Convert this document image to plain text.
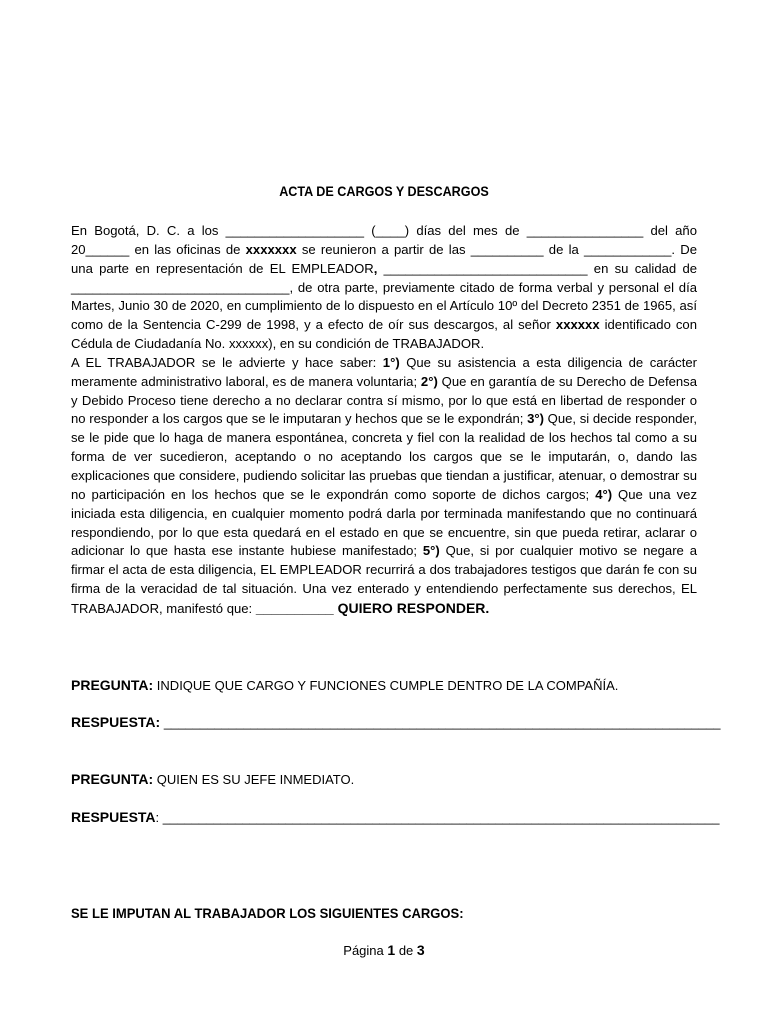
ACTA DE CARGOS Y DESCARGOS

En Bogotá, D. C. a los ___________________ (____) días del mes de ________________ del año 20______ en las oficinas de xxxxxxx se reunieron a partir de las __________ de la ____________. De una parte en representación de EL EMPLEADOR, ____________________________ en su calidad de ______________________________, de otra parte, previamente citado de forma verbal y personal el día Martes, Junio 30 de 2020, en cumplimiento de lo dispuesto en el Artículo 10º del Decreto 2351 de 1965, así como de la Sentencia C-299 de 1998, y a efecto de oír sus descargos, al señor xxxxxx identificado con Cédula de Ciudadanía No. xxxxxx), en su condición de TRABAJADOR.

A EL TRABAJADOR se le advierte y hace saber: 1°) Que su asistencia a esta diligencia de carácter meramente administrativo laboral, es de manera voluntaria; 2°) Que en garantía de su Derecho de Defensa y Debido Proceso tiene derecho a no declarar contra sí mismo, por lo que está en libertad de responder o no responder a los cargos que se le imputaran y hechos que se le expondrán; 3°) Que, si decide responder, se le pide que lo haga de manera espontánea, concreta y fiel con la realidad de los hechos tal como a su forma de ver sucedieron, aceptando o no aceptando los cargos que se le imputarán, o, dando las explicaciones que considere, pudiendo solicitar las pruebas que tiendan a justificar, atenuar, o demostrar su no participación en los hechos que se le expondrán como soporte de dichos cargos; 4°) Que una vez iniciada esta diligencia, en cualquier momento podrá darla por terminada manifestando que no continuará respondiendo, por lo que esta quedará en el estado en que se encuentre, sin que pueda retirar, aclarar o adicionar lo que hasta ese instante hubiese manifestado; 5°) Que, si por cualquier motivo se negare a firmar el acta de esta diligencia, EL EMPLEADOR recurrirá a dos trabajadores testigos que darán fe con su firma de la veracidad de tal situación. Una vez enterado y entendiendo perfectamente sus derechos, EL TRABAJADOR, manifestó que: __________ QUIERO RESPONDER.

PREGUNTA: INDIQUE QUE CARGO Y FUNCIONES CUMPLE DENTRO DE LA COMPAÑÍA.
RESPUESTA: _____________________________________________________________________________
PREGUNTA: QUIEN ES SU JEFE INMEDIATO.
RESPUESTA: _____________________________________________________________________________
SE LE IMPUTAN AL TRABAJADOR LOS SIGUIENTES CARGOS:
Página 1 de 3
